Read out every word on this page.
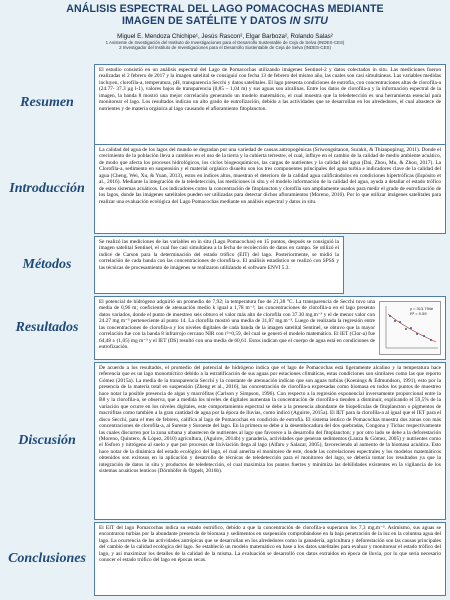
ANÁLISIS ESPECTRAL DEL LAGO POMACOCHAS MEDIANTE
IMAGEN DE SATÉLITE Y DATOS IN SITU
Miguel E. Mendoza Chichipe¹, Jesús Rascon², Elgar Barboza², Rolando Salas²
1 Asistente de Investigación del Instituto de Investigaciones para el Desarrollo Sustentable de Ceja de Selva (INDES-CES)
2 Investigador del Instituto de Investigaciones para el Desarrollo Sustentable de Ceja de Selva (INDES-CES)
Resumen
El estudio consistió en un análisis espectral del Lago de Pomacochas utilizando imágenes Sentinel-2 y datos colectados in situ. Las mediciones fueron realizadas el 2 febrero de 2017 y la imagen satelital se consiguió con fecha 13 de febrero del mismo año, las cuales son casi simultáneas. Las variables medidas incluyen, clorofila-a, temperatura, pH, transparencia Secchi y datos satelitales. El lago presenta condiciones de eutrofia, con concentraciones altas de clorofila-a (24.77- 37.3 µg l-1), valores bajos de transparencia (0,85 – 1,04 m) y sus aguas son alcalinas. Entre los datos de clorofila-a y la información espectral de la imagen, la banda 8 mostró una mejor correlación generando un modelo matemático, el cual muestra que la teledetección es una herramienta esencial para monitorear el lago. Los resultados indican un alto grado de eutrofización, debido a las actividades que se desarrollan en los alrededores, el cual abastece de nutrientes y de materia orgánica al lago causando el afloramiento fitoplancton.
Introducción
La calidad del agua de los lagos del mundo se degradan por una variedad de causas antropogénicas (Sriwongsitanon, Surakit, & Thianpopirug, 2011). Donde el crecimiento de la población lleva a cambios en el uso de la tierra y la cubierta terrestre, el cual, influye en el cambio de la calidad de medio ambiente acuático, de modo que afecta los procesos hidrológicos, los ciclos biogeoquímicos, las cargas de nutrientes y la calidad del agua (Dai, Zhou, Mu, & Zhou, 2017). La Clorofila-a, sedimento en suspensión y el material orgánico disuelto son los tres componentes principales del agua turbia e indicadores clave de la calidad del agua (Cheng, Wei, Xu, & Yuan, 2013), estos en índices altos, muestran el deterioro de la calidad agua calificándolos en condiciones hipertróficas (Espósito et al., 2016). Mediante la integración de la teledetección, las mediciones in situ y el modelo información de la calidad del agua, ayuda a detallar el estado trófico de estos sistemas acuáticos. Los indicadores como la concentración de fitoplancton y clorofila son ampliamente usados para medir el grado de eutrofización de los lagos, donde las imágenes satelitales pueden ser utilizadas para detectar dichos afloramientos (Moreno, 2016). Por lo que utilizar imágenes satelitales para realizar una evaluación ecológica del Lago Pomacochas mediante un análisis espectral y datos in situ.
Métodos
Se realizó las mediciones de las variables en in situ (Lago Pomacochas) en 15 puntos, después se consiguió la imagen satelital Sentinel, el cual fue casi simultánea a la fecha de recolección de datos en campo. Se utilizó el índice de Carson para la determinación del estado trófico (EIT) del lago. Posteriormente, se midió la correlación de cada banda con las concentraciones de clorofila-a. El análisis estadístico se realizó con SPSS y las técnicas de procesamiento de imágenes se realizaron utilizando el software ENVI 5.3.
Resultados
El potencial de hidrógeno adquirió un promedio de 7,92; la temperatura fue de 21,38 °C. La transparencia de Secchi tuvo una media de 0,96 m; coeficiente de atenuación medio k igual a 1,78 m⁻¹; las concentraciones de clorofila-a en el lago presento datos variados, donde el punto de muestreo seis obtuvo el valor más alto de clorofila con 37.30 mg.m⁻³ y el de menor valor con 24.27 mg m⁻³ perteneciente al punto 14. La clorofila mostró una media de 31,87 mg.m⁻³. Luego de realizada la regresión entre las concentraciones de clorofila-a y los niveles digitales de cada banda de la imagen satelital Sentinel, se obtuvo que la mayor correlación fue con la banda 8 infrarrojo cercano NIR con r²=0,59, del cual se generó el modelo matemático. El IET (Clor-a) fue 64,48 ± (1,05) mg m⁻³ y el IET (DS) resultó con una media de 60,61. Estos indican que el cuerpo de agua está en condiciones de eutrofización.
y = 313.794e
R² = 0.59
Discusión
De acuerdo a los resultados, el promedio del potencial de hidrógeno indica que el lago de Pomacochas está ligeramente alcalino y la temperatura hace referencia que es un lago monomíctico debido a la estratificación de sus aguas por estaciones climáticas, estas condiciones son similares como las que reporto Gómez (2015a). La media de la transparencia Secchi y la constante de atenuación indican que son aguas turbias (Koenings & Edmundson, 1991), esto por la presencia de la materia total en suspensión (Zheng et al., 2016), las concentración de clorofila-a expresadas como biomasa en todos los puntos de muestreo hace notar la posible presencia de algas y macrófitas (Carlson y Simpson, 1996). Con respecto a la regresión exponencial inversamente proporcional entre la B8 y la clorofila-a, se observa, que a medida los niveles de digitales aumentan la concentración de clorofila-a tienden a disminuir, explicando el 59,5% de la variación que ocurre en los niveles digitales, este comportamiento espectral se debe a la presencia abundante de biopelículas de fitoplancton o pigmentos de macrófitas como también a la gran cantidad de agua por la época de lluvias, como indicó (Aguirre, 2015a). El IET para la clorofila-a al igual que el IET para el disco Secchi, para el mes de febrero, califica al lago de Pomacochas en condición de eutrofia. El sistema lentico de Pomacochas muestra dos zonas con más concentraciones de clorofila-a, al Sureste y Suroeste del lago. En la primera se debe a la desembocadura del dos quebradas, Congona y Tichac respectivamente las cuales discurren por la zona urbana y abastecen de nutrientes al lago que favorece a la desarrollo del fitoplancton; y por otro lado se debe a la deforestación (Moreno, Quintero, & López, 2010) agricultura, (Aguirre, 2014b) y ganadería, actividades que generan sedimentos (Lanza & Gómez, 2005) y nutrientes como el fósforo y nitrógeno al suelo y que por procesos de lixiviación llega al lago (Alfaro y Salazar, 2005), favoreciendo al aumento de la biomasa acuática. Esto hace notar de la dinámica del estado ecológico del lago, el cual amerita el monitoreo de este, donde las correlaciones espectrales y los modelos matemáticos obtenidos son exitosos en la aplicación y desarrollo de técnicas de teledetección para el monitoreo del lago, se debería tomar los resultados ya que la integración de datos in situ y productos de teledetección, el cual maximiza los puntos fuertes y minimiza las debilidades existentes en la vigilancia de los sistemas acuáticos lenticos (Dörnhöfer & Oppelt, 2016b).
Conclusiones
El EIT del lago Pomacochas indica su estado eutrófico, debido a que la concentración de clorofila-a superaron los 7,3 mg.m⁻³. Asimismo, sus aguas se encontraron turbias por la abundante presencia de biomasa y sedimentos en suspensión comprobándose en la baja penetración de la luz en la columna agua del lago. La ocurrencia de las actividades antrópicas que se desarrollan en los alrededores como la ganadería, agricultura y deforestación son las causas principales del cambio de la calidad ecológica del lago. Se estableció un modelo matemático en base a los datos satelitales para evaluar y monitorear el estado trófico del lago, y así maximizar los detalles de la calidad de la misma. La evaluación se desarrolló con datos extraídos en época de lluvia, por lo que sería necesario conocer el estado trófico del lago en épocas secas.
